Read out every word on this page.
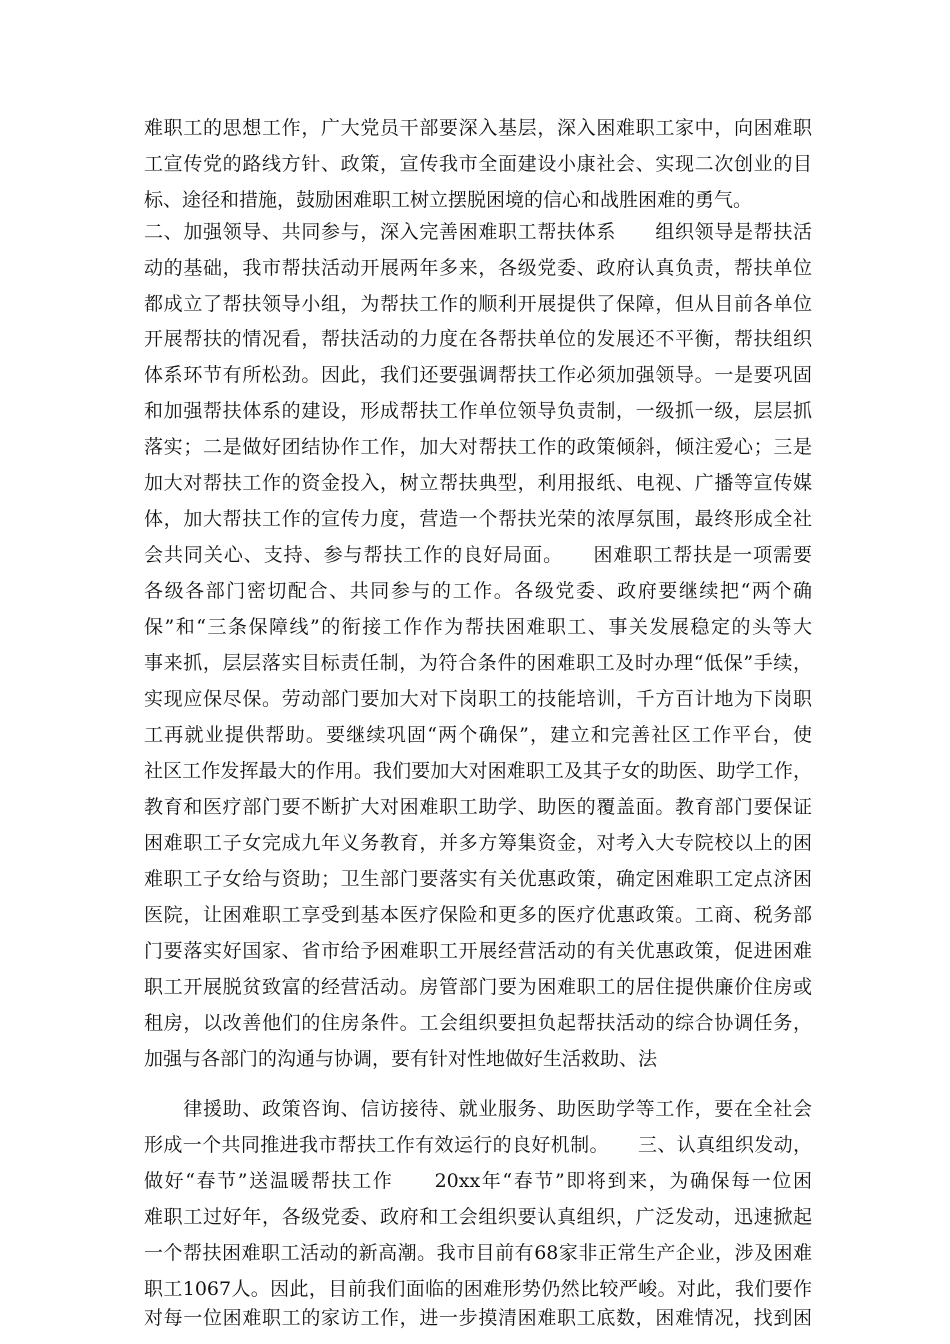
难职工的思想工作，广大党员干部要深入基层，深入困难职工家中，向困难职
工宣传党的路线方针、政策，宣传我市全面建设小康社会、实现二次创业的目
标、途径和措施，鼓励困难职工树立摆脱困境的信心和战胜困难的勇气。
二、加强领导、共同参与，深入完善困难职工帮扶体系　　组织领导是帮扶活
动的基础，我市帮扶活动开展两年多来，各级党委、政府认真负责，帮扶单位
都成立了帮扶领导小组，为帮扶工作的顺利开展提供了保障，但从目前各单位
开展帮扶的情况看，帮扶活动的力度在各帮扶单位的发展还不平衡，帮扶组织
体系环节有所松劲。因此，我们还要强调帮扶工作必须加强领导。一是要巩固
和加强帮扶体系的建设，形成帮扶工作单位领导负责制，一级抓一级，层层抓
落实；二是做好团结协作工作，加大对帮扶工作的政策倾斜，倾注爱心；三是
加大对帮扶工作的资金投入，树立帮扶典型，利用报纸、电视、广播等宣传媒
体，加大帮扶工作的宣传力度，营造一个帮扶光荣的浓厚氛围，最终形成全社
会共同关心、支持、参与帮扶工作的良好局面。　　困难职工帮扶是一项需要
各级各部门密切配合、共同参与的工作。各级党委、政府要继续把“两个确
保”和“三条保障线”的衔接工作作为帮扶困难职工、事关发展稳定的头等大
事来抓，层层落实目标责任制，为符合条件的困难职工及时办理“低保”手续，
实现应保尽保。劳动部门要加大对下岗职工的技能培训，千方百计地为下岗职
工再就业提供帮助。要继续巩固“两个确保”，建立和完善社区工作平台，使
社区工作发挥最大的作用。我们要加大对困难职工及其子女的助医、助学工作，
教育和医疗部门要不断扩大对困难职工助学、助医的覆盖面。教育部门要保证
困难职工子女完成九年义务教育，并多方筹集资金，对考入大专院校以上的困
难职工子女给与资助；卫生部门要落实有关优惠政策，确定困难职工定点济困
医院，让困难职工享受到基本医疗保险和更多的医疗优惠政策。工商、税务部
门要落实好国家、省市给予困难职工开展经营活动的有关优惠政策，促进困难
职工开展脱贫致富的经营活动。房管部门要为困难职工的居住提供廉价住房或
租房，以改善他们的住房条件。工会组织要担负起帮扶活动的综合协调任务，
加强与各部门的沟通与协调，要有针对性地做好生活救助、法
　　律援助、政策咨询、信访接待、就业服务、助医助学等工作，要在全社会
形成一个共同推进我市帮扶工作有效运行的良好机制。　　三、认真组织发动，
做好“春节”送温暖帮扶工作　　20xx年“春节”即将到来，为确保每一位困
难职工过好年，各级党委、政府和工会组织要认真组织，广泛发动，迅速掀起
一个帮扶困难职工活动的新高潮。我市目前有68家非正常生产企业，涉及困难
职工1067人。因此，目前我们面临的困难形势仍然比较严峻。对此，我们要作
对每一位困难职工的家访工作，进一步摸清困难职工底数，困难情况，找到困
